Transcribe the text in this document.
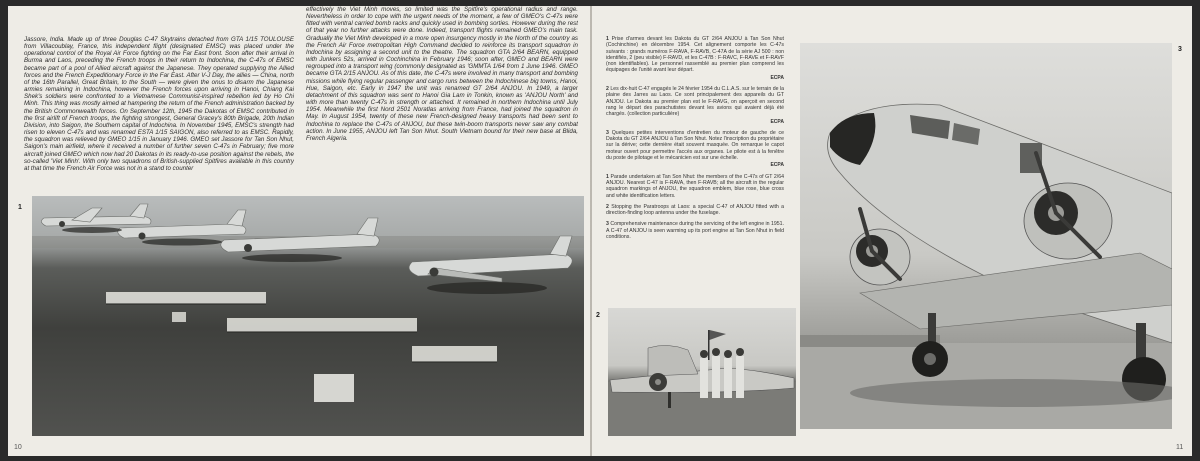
Jassore, India. Made up of three Douglas C-47 Skytrains detached from GTA 1/15 TOULOUSE from Villacoublay, France, this independent flight (designated EMSC) was placed under the operational control of the Royal Air Force fighting on the Far East front. Soon after their arrival in Burma and Laos, preceding the French troops in their return to Indochina, the C-47s of EMSC became part of a pool of Allied aircraft against the Japanese. They operated supplying the Allied forces and the French Expeditionary Force in the Far East. After V-J Day, the allies — China, north of the 16th Parallel, Great Britain, to the South — were given the onus to disarm the Japanese armies remaining in Indochina, however the French forces upon arriving in Hanoi, Chiang Kai Shek's soldiers were confronted to a Vietnamese Communist-inspired rebellion led by Ho Chi Minh. This thing was mostly aimed at hampering the return of the French administration backed by the British Commonwealth forces. On September 12th, 1945 the Dakotas of EMSC contributed in the first airlift of French troops, the fighting strongest, General Gracey's 80th Brigade, 20th Indian Division, into Saigon, the Southern capital of Indochina. In November 1945, EMSC's strength had risen to eleven C-47s and was renamed ESTA 1/15 SAIGON, also referred to as EMSC. Rapidly, the squadron was relieved by GMEO 1/15 in January 1946. GMEO set Jassore for Tan Son Nhut, Saigon's main airfield, where it received a number of further seven C-47s in February; five more aircraft joined GMEO which now had 20 Dakotas in its ready-to-use position against the rebels, the so-called 'Viet Minh'. With only two squadrons of British-supplied Spitfires available in this country at that time the French Air Force was not in a stand to counter
effectively the Viet Minh moves, so limited was the Spitfire's operational radius and range. Nevertheless in order to cope with the urgent needs of the moment, a few of GMEO's C-47s were fitted with ventral carried bomb racks and quickly used in bombing sorties. However during the rest of that year no further attacks were done. Indeed, transport flights remained GMEO's main task. Gradually the Viet Minh developed in a more open insurgency mostly in the North of the country as the French Air Force metropolitan High Command decided to reinforce its transport squadron in Indochina by assigning a second unit to the theatre. The squadron GTA 2/64 BEARN, equipped with Junkers 52s, arrived in Cochinchina in February 1946; soon after, GMEO and BEARN were regrouped into a transport wing (commonly designated as 'GMMTA 1/64 from 1 June 1946. GMEO became GTA 2/15 ANJOU. As of this date, the C-47s were involved in many transport and bombing missions while flying regular passenger and cargo runs between the Indochinese big towns, Hanoi, Hue, Saigon, etc. Early in 1947 the unit was renamed GT 2/64 ANJOU. In 1949, a larger detachment of this squadron was sent to Hanoi Gia Lam in Tonkin, known as 'ANJOU North' and with more than twenty C-47s in strength or attached. It remained in northern Indochina until July 1954. Meanwhile the first Nord 2501 Noratlas arriving from France, had joined the squadron in May. In August 1954, twenty of these new French-designed heavy transports had been sent to Indochina to replace the C-47s of ANJOU, but these twin-boom transports never saw any combat action. In June 1955, ANJOU left Tan Son Nhut. South Vietnam bound for their new base at Blida, French Algeria.
1
10
1 Prise d'armes devant les Dakota du GT 2/64 ANJOU à Tan Son Nhut (Cochinchine) en décembre 1954. Cet alignement comporte les C-47s suivants : grands numéros F-RAVA, F-RAVB, C-47A de la série AJ 500 : non identifiés, 2 (peu visible) F-RAVD, et les C-47B : F-RAVC, F-RAVE et F-RAVF (non identifiables). Le personnel rassemblé au premier plan comprend les équipages de l'unité avant leur départ.
ECPA
2 Les dix-huit C-47 engagés le 24 février 1954 du C.L.A.S. sur le terrain de la plaine des Jarres au Laos. Ce sont principalement des appareils du GT ANJOU. Le Dakota au premier plan est le F-RAVG, on aperçoit en second rang le départ des parachutistes devant les avions qui avaient déjà été chargés. (collection particulière)
ECPA
3 Quelques petites interventions d'entretien du moteur de gauche de ce Dakota du GT 2/64 ANJOU à Tan Son Nhut. Notez l'inscription du propriétaire sur la dérive; cette dernière était souvent masquée. On remarque le capot moteur ouvert pour permettre l'accès aux organes. Le pilote est à la fenêtre du poste de pilotage et le mécanicien est sur une échelle.
ECPA
1 Parade undertaken at Tan Son Nhut: the members of the C-47s of GT 2/64 ANJOU. Nearest C-47 is F-RAVA, then F-RAVB; all the aircraft in the regular squadron markings of ANJOU, the squadron emblem, blue rose, blue cross and white identification letters.
2 Stopping the Paratroops at Laos: a special C-47 of ANJOU fitted with a direction-finding loop antenna under the fuselage.
3 Comprehensive maintenance during the servicing of the left engine in 1951. A C-47 of ANJOU is seen warming up its port engine at Tan Son Nhut in field conditions.
2
3
11
